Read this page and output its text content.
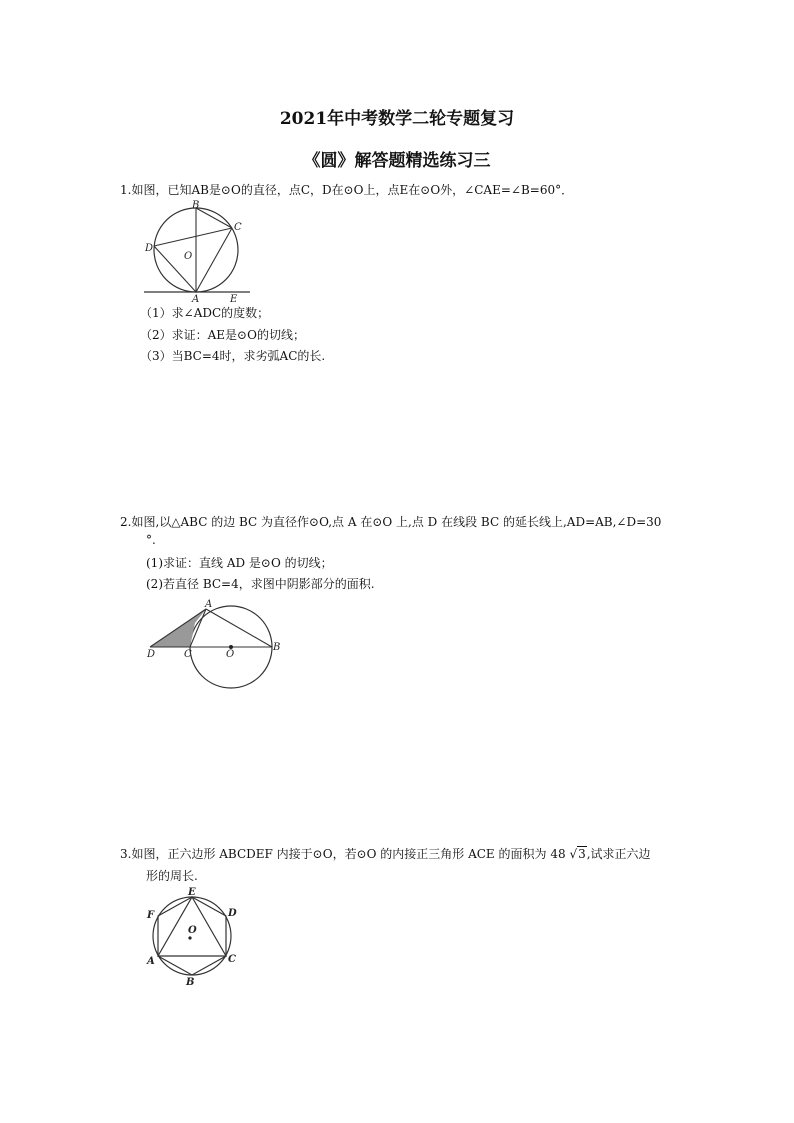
2021年中考数学二轮专题复习
《圆》解答题精选练习三
1.如图，已知AB是⊙O的直径，点C，D在⊙O上，点E在⊙O外，∠CAE=∠B=60°．
B
C
D
O
A	E
（1）求∠ADC的度数；
（2）求证：AE是⊙O的切线；
（3）当BC=4时，求劣弧AC的长.
2.如图,以△ABC 的边 BC 为直径作⊙O,点 A 在⊙O 上,点 D 在线段 BC 的延长线上,AD=AB,∠D=30
°.
(1)求证：直线 AD 是⊙O 的切线；
(2)若直径 BC=4，求图中阴影部分的面积.
A
D	C	O
B
3.如图，正六边形 ABCDEF 内接于⊙O，若⊙O 的内接正三角形 ACE 的面积为 48 √3,试求正六边
形的周长.
E
F	D
O
A	C
B
